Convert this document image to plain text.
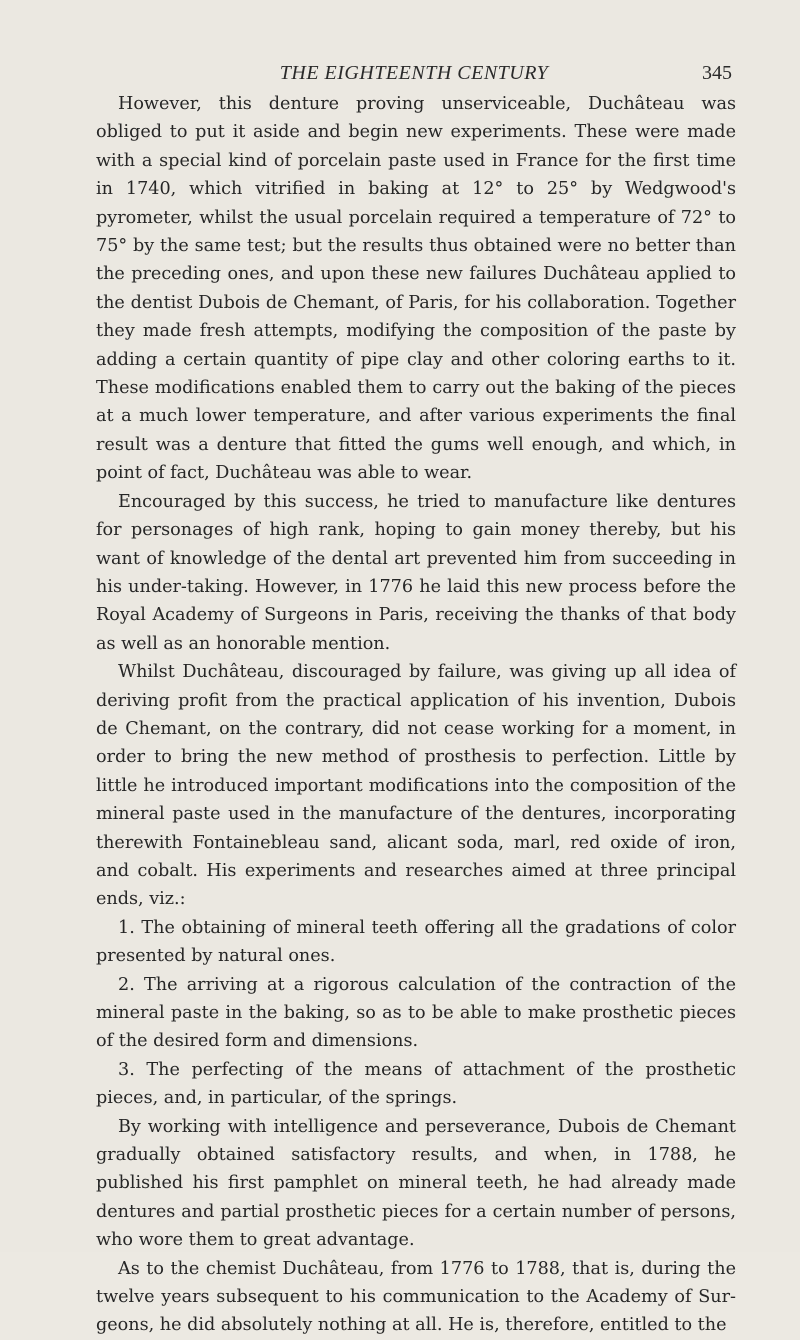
THE EIGHTEENTH CENTURY	345

However, this denture proving unserviceable, Duchâteau was obliged to put it aside and begin new experiments. These were made with a special kind of porcelain paste used in France for the first time in 1740, which vitrified in baking at 12° to 25° by Wedgwood's pyrometer, whilst the usual porcelain required a temperature of 72° to 75° by the same test; but the results thus obtained were no better than the preceding ones, and upon these new failures Duchâteau applied to the dentist Dubois de Chemant, of Paris, for his collaboration. Together they made fresh attempts, modifying the composition of the paste by adding a certain quantity of pipe clay and other coloring earths to it. These modifications enabled them to carry out the baking of the pieces at a much lower temperature, and after various experiments the final result was a denture that fitted the gums well enough, and which, in point of fact, Duchâteau was able to wear.

Encouraged by this success, he tried to manufacture like dentures for personages of high rank, hoping to gain money thereby, but his want of knowledge of the dental art prevented him from succeeding in his under-taking. However, in 1776 he laid this new process before the Royal Academy of Surgeons in Paris, receiving the thanks of that body as well as an honorable mention.

Whilst Duchâteau, discouraged by failure, was giving up all idea of deriving profit from the practical application of his invention, Dubois de Chemant, on the contrary, did not cease working for a moment, in order to bring the new method of prosthesis to perfection. Little by little he introduced important modifications into the composition of the mineral paste used in the manufacture of the dentures, incorporating therewith Fontainebleau sand, alicant soda, marl, red oxide of iron, and cobalt. His experiments and researches aimed at three principal ends, viz.:

1. The obtaining of mineral teeth offering all the gradations of color presented by natural ones.

2. The arriving at a rigorous calculation of the contraction of the mineral paste in the baking, so as to be able to make prosthetic pieces of the desired form and dimensions.

3. The perfecting of the means of attachment of the prosthetic pieces, and, in particular, of the springs.

By working with intelligence and perseverance, Dubois de Chemant gradually obtained satisfactory results, and when, in 1788, he published his first pamphlet on mineral teeth, he had already made dentures and partial prosthetic pieces for a certain number of persons, who wore them to great advantage.

As to the chemist Duchâteau, from 1776 to 1788, that is, during the twelve years subsequent to his communication to the Academy of Sur-geons, he did absolutely nothing at all. He is, therefore, entitled to the
